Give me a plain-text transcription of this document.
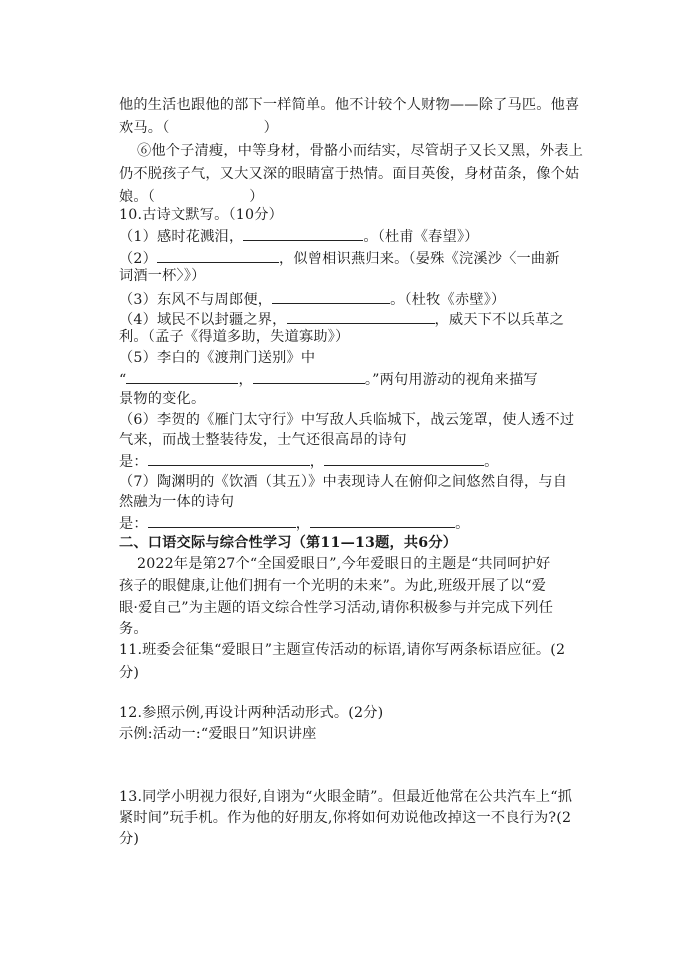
他的生活也跟他的部下一样简单。他不计较个人财物——除了马匹。他喜
欢马。（                    ）
⑥他个子清瘦，中等身材，骨骼小而结实，尽管胡子又长又黑，外表上
仍不脱孩子气，又大又深的眼睛富于热情。面目英俊，身材苗条，像个姑
娘。（                    ）
10.古诗文默写。（10分）
（1）感时花溅泪，	。（杜甫《春望》）
（2）	，似曾相识燕归来。（晏殊《浣溪沙〈一曲新
词酒一杯〉》）
（3）东风不与周郎便，	。（杜牧《赤壁》）
（4）域民不以封疆之界，	，威天下不以兵革之
利。（孟子《得道多助，失道寡助》）
（5）李白的《渡荆门送别》中
“	，	。”两句用游动的视角来描写
景物的变化。
（6）李贺的《雁门太守行》中写敌人兵临城下，战云笼罩，使人透不过
气来，而战士整装待发，士气还很高昂的诗句
是：	，	。
（7）陶渊明的《饮酒（其五）》中表现诗人在俯仰之间悠然自得，与自
然融为一体的诗句
是：	，	。
二、口语交际与综合性学习（第11—13题，共6分）
2022年是第27个“全国爱眼日”,今年爱眼日的主题是“共同呵护好
孩子的眼健康,让他们拥有一个光明的未来”。为此,班级开展了以“爱
眼·爱自己”为主题的语文综合性学习活动,请你积极参与并完成下列任
务。
11.班委会征集“爱眼日”主题宣传活动的标语,请你写两条标语应征。(2
分)
12.参照示例,再设计两种活动形式。(2分)
示例:活动一:“爱眼日”知识讲座
13.同学小明视力很好,自诩为“火眼金睛”。但最近他常在公共汽车上“抓
紧时间”玩手机。作为他的好朋友,你将如何劝说他改掉这一不良行为?(2
分)
